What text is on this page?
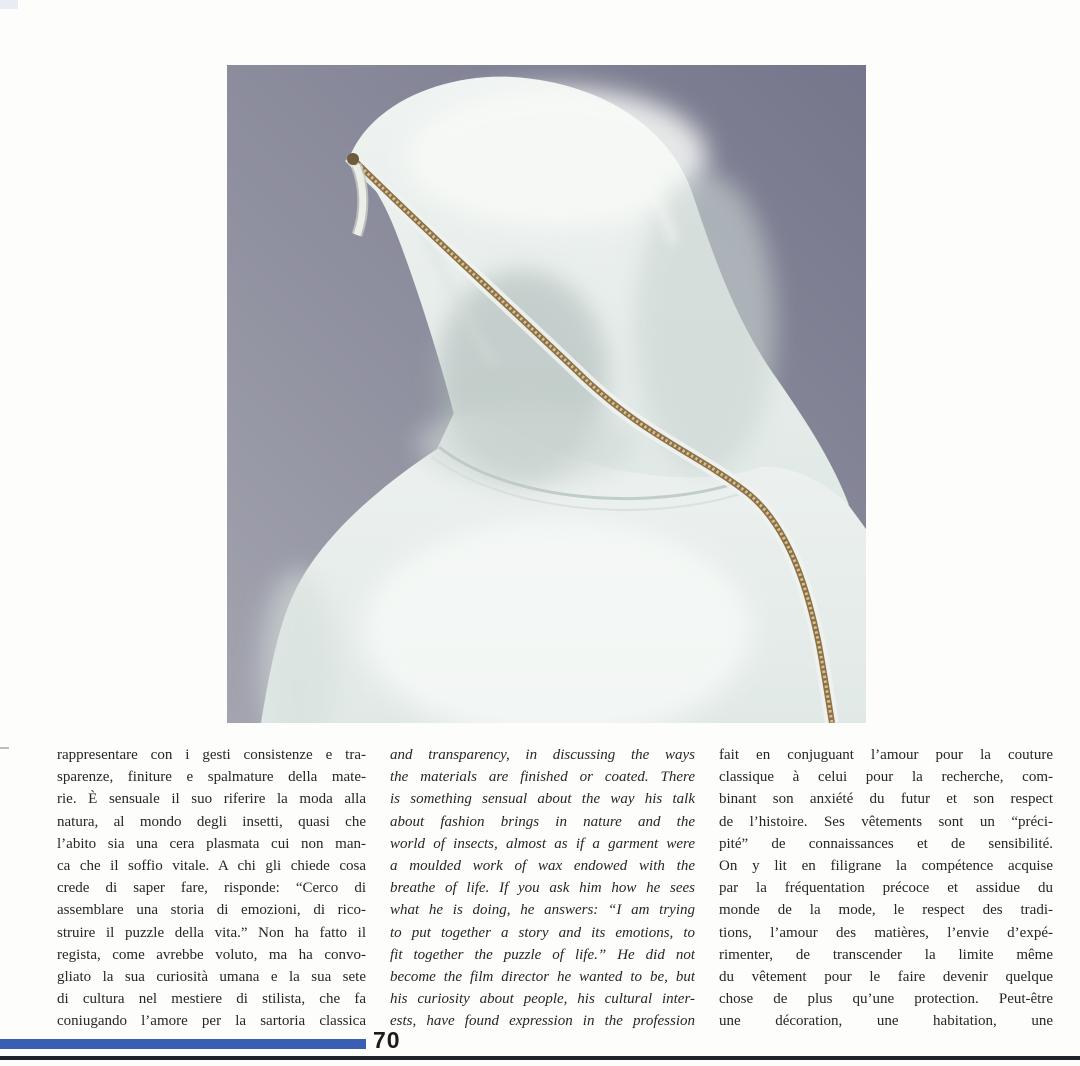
rappresentare con i gesti consistenze e tra-
sparenze, finiture e spalmature della mate-
rie. È sensuale il suo riferire la moda alla
natura, al mondo degli insetti, quasi che
l’abito sia una cera plasmata cui non man-
ca che il soffio vitale. A chi gli chiede cosa
crede di saper fare, risponde: “Cerco di
assemblare una storia di emozioni, di rico-
struire il puzzle della vita.” Non ha fatto il
regista, come avrebbe voluto, ma ha convo-
gliato la sua curiosità umana e la sua sete
di cultura nel mestiere di stilista, che fa
coniugando l’amore per la sartoria classica
and transparency, in discussing the ways
the materials are finished or coated. There
is something sensual about the way his talk
about fashion brings in nature and the
world of insects, almost as if a garment were
a moulded work of wax endowed with the
breathe of life. If you ask him how he sees
what he is doing, he answers: “I am trying
to put together a story and its emotions, to
fit together the puzzle of life.” He did not
become the film director he wanted to be, but
his curiosity about people, his cultural inter-
ests, have found expression in the profession
fait en conjuguant l’amour pour la couture
classique à celui pour la recherche, com-
binant son anxiété du futur et son respect
de l’histoire. Ses vêtements sont un “préci-
pité” de connaissances et de sensibilité.
On y lit en filigrane la compétence acquise
par la fréquentation précoce et assidue du
monde de la mode, le respect des tradi-
tions, l’amour des matières, l’envie d’expé-
rimenter, de transcender la limite même
du vêtement pour le faire devenir quelque
chose de plus qu’une protection. Peut-être
une décoration, une habitation, une
70
